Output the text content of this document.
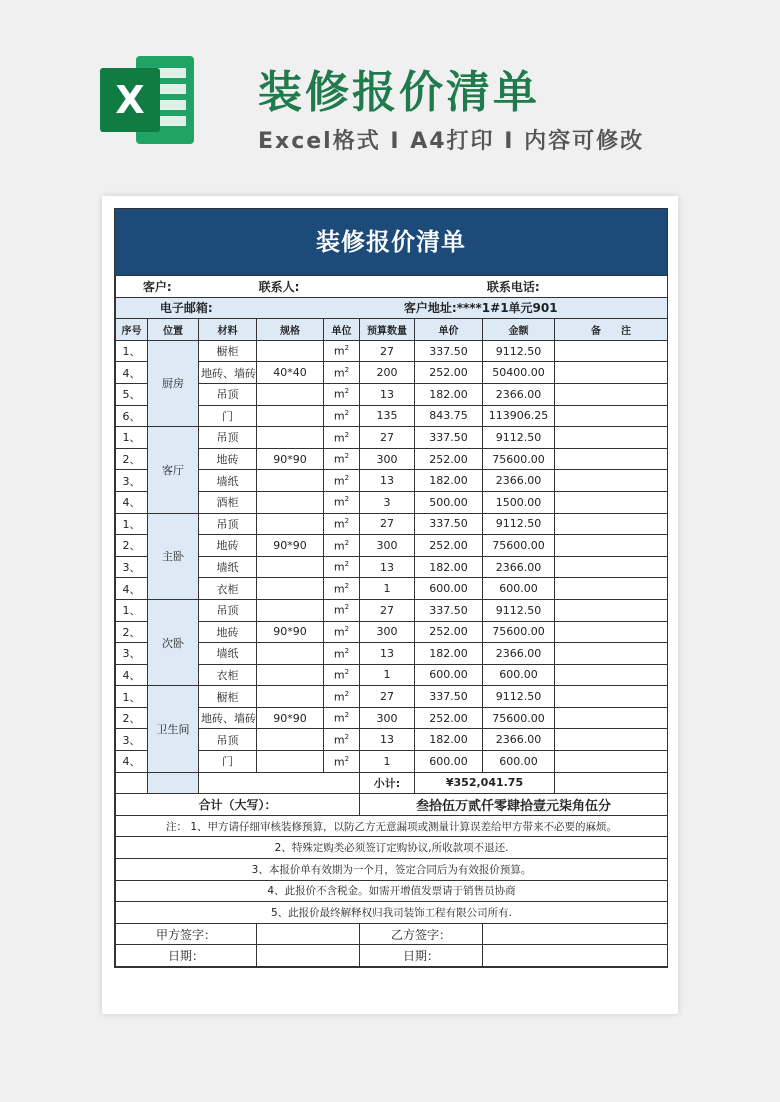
X	装修报价清单
Excel格式 I A4打印 I 内容可修改
装修报价清单
客户:		联系人:			联系电话:			
电子邮箱:			客户地址:****1#1单元901					
序号	位置	材料	规格	单位	预算数量	单价	金额	备　　注
1、	厨房	橱柜		$m^2$	27	337.50	9112.50	
4、		地砖、墙砖	40*40	$m^2$	200	252.00	50400.00	
5、		吊顶		$m^2$	13	182.00	2366.00	
6、		门		$m^2$	135	843.75	113906.25	
1、	客厅	吊顶		$m^2$	27	337.50	9112.50	
2、		地砖	90*90	$m^2$	300	252.00	75600.00	
3、		墙纸		$m^2$	13	182.00	2366.00	
4、		酒柜		$m^2$	3	500.00	1500.00	
1、	主卧	吊顶		$m^2$	27	337.50	9112.50	
2、		地砖	90*90	$m^2$	300	252.00	75600.00	
3、		墙纸		$m^2$	13	182.00	2366.00	
4、		衣柜		$m^2$	1	600.00	600.00	
1、	次卧	吊顶		$m^2$	27	337.50	9112.50	
2、		地砖	90*90	$m^2$	300	252.00	75600.00	
3、		墙纸		$m^2$	13	182.00	2366.00	
4、		衣柜		$m^2$	1	600.00	600.00	
1、	卫生间	橱柜		$m^2$	27	337.50	9112.50	
2、		地砖、墙砖	90*90	$m^2$	300	252.00	75600.00	
3、		吊顶		$m^2$	13	182.00	2366.00	
4、		门		$m^2$	1	600.00	600.00	
					小计:	¥352,041.75		
合计（大写）：					叁拾伍万贰仟零肆拾壹元柒角伍分			
注： 1、甲方请仔细审核装修预算，以防乙方无意漏项或测量计算误差给甲方带来不必要的麻烦。								
2、特殊定购类必须签订定购协议,所收款项不退还.								
3、本报价单有效期为一个月，签定合同后为有效报价预算。								
4、此报价不含税金。如需开增值发票请于销售员协商								
5、此报价最终解释权归我司装饰工程有限公司所有.								
甲方签字：					乙方签字：			
日期：					日期：			
